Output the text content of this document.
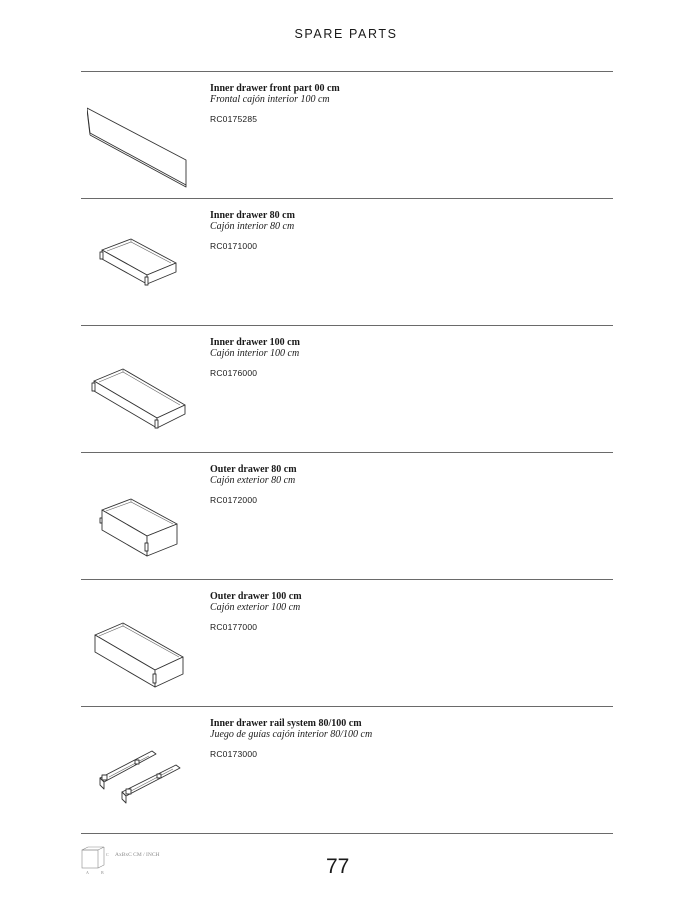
SPARE PARTS
Inner drawer front part 00 cm
Frontal cajón interior 100 cm
RC0175285
Inner drawer 80 cm
Cajón interior 80 cm
RC0171000
Inner drawer 100 cm
Cajón interior 100 cm
RC0176000
Outer drawer 80 cm
Cajón exterior 80 cm
RC0172000
Outer drawer 100 cm
Cajón exterior 100 cm
RC0177000
Inner drawer rail system 80/100 cm
Juego de guías cajón interior 80/100 cm
RC0173000
A	B
C AxBxC CM / INCH	77
